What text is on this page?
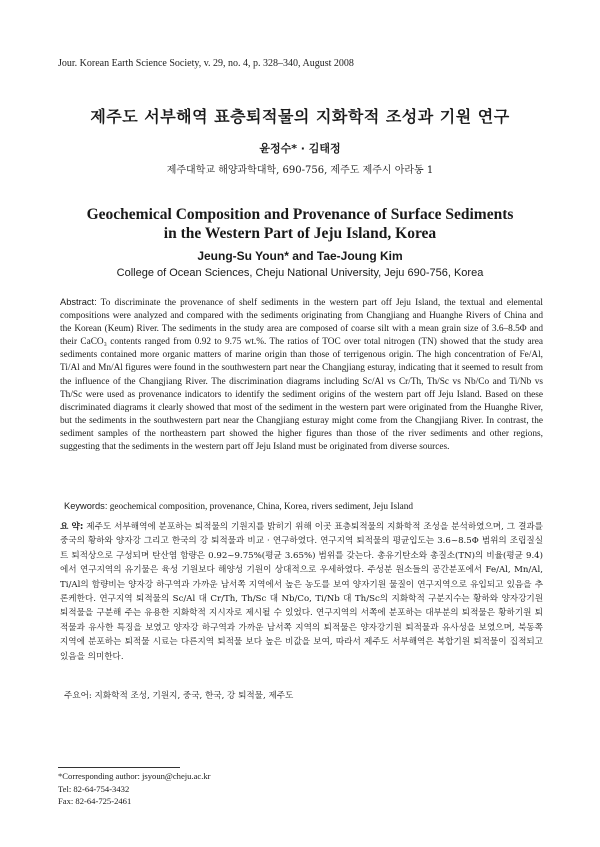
Jour. Korean Earth Science Society, v. 29, no. 4, p. 328–340, August 2008
제주도 서부해역 표층퇴적물의 지화학적 조성과 기원 연구
윤정수* · 김태정
제주대학교 해양과학대학, 690-756, 제주도 제주시 아라동 1
Geochemical Composition and Provenance of Surface Sediments
in the Western Part of Jeju Island, Korea
Jeung-Su Youn* and Tae-Joung Kim
College of Ocean Sciences, Cheju National University, Jeju 690-756, Korea

Abstract: To discriminate the provenance of shelf sediments in the western part off Jeju Island, the textual and elemental compositions were analyzed and compared with the sediments originating from Changjiang and Huanghe Rivers of China and the Korean (Keum) River. The sediments in the study area are composed of coarse silt with a mean grain size of 3.6–8.5Φ and their CaCO₃ contents ranged from 0.92 to 9.75 wt.%. The ratios of TOC over total nitrogen (TN) showed that the study area sediments contained more organic matters of marine origin than those of terrigenous origin. The high concentration of Fe/Al, Ti/Al and Mn/Al figures were found in the southwestern part near the Changjiang esturay, indicating that it seemed to result from the influence of the Changjiang River. The discrimination diagrams including Sc/Al vs Cr/Th, Th/Sc vs Nb/Co and Ti/Nb vs Th/Sc were used as provenance indicators to identify the sediment origins of the western part off Jeju Island. Based on these discriminated diagrams it clearly showed that most of the sediment in the western part were originated from the Huanghe River, but the sediments in the southwestern part near the Changjiang esturay might come from the Changjiang River. In contrast, the sediment samples of the northeastern part showed the higher figures than those of the river sediments and other regions, suggesting that the sediments in the western part off Jeju Island must be originated from diverse sources.

Keywords: geochemical composition, provenance, China, Korea, rivers sediment, Jeju Island

요 약: 제주도 서부해역에 분포하는 퇴적물의 기원지를 밝히기 위해 이곳 표층퇴적물의 지화학적 조성을 분석하였으며, 그 결과를 중국의 황하와 양자강 그리고 한국의 강 퇴적물과 비교 · 연구하였다. 연구지역 퇴적물의 평균입도는 3.6~8.5Φ 범위의 조립질실트 퇴적상으로 구성되며 탄산염 함량은 0.92~9.75%(평균 3.65%) 범위를 갖는다. 총유기탄소와 총질소(TN)의 비율(평균 9.4)에서 연구지역의 유기물은 육성 기원보다 해양성 기원이 상대적으로 우세하였다. 주성분 원소들의 공간분포에서 Fe/Al, Mn/Al, Ti/Al의 함량비는 양자강 하구역과 가까운 남서쪽 지역에서 높은 농도를 보여 양자기원 물질이 연구지역으로 유입되고 있음을 추론케한다. 연구지역 퇴적물의 Sc/Al 대 Cr/Th, Th/Sc 대 Nb/Co, Ti/Nb 대 Th/Sc의 지화학적 구분지수는 황하와 양자강기원 퇴적물을 구분해 주는 유용한 지화학적 지시자로 제시될 수 있었다. 연구지역의 서쪽에 분포하는 대부분의 퇴적물은 황하기원 퇴적물과 유사한 특징을 보였고 양자강 하구역과 가까운 남서쪽 지역의 퇴적물은 양자강기원 퇴적물과 유사성을 보였으며, 북동쪽 지역에 분포하는 퇴적물 시료는 다른지역 퇴적물 보다 높은 비값을 보여, 따라서 제주도 서부해역은 복합기원 퇴적물이 집적되고 있음을 의미한다.

주요어: 지화학적 조성, 기원지, 중국, 한국, 강 퇴적물, 제주도
*Corresponding author: jsyoun@cheju.ac.kr
Tel: 82-64-754-3432
Fax: 82-64-725-2461
